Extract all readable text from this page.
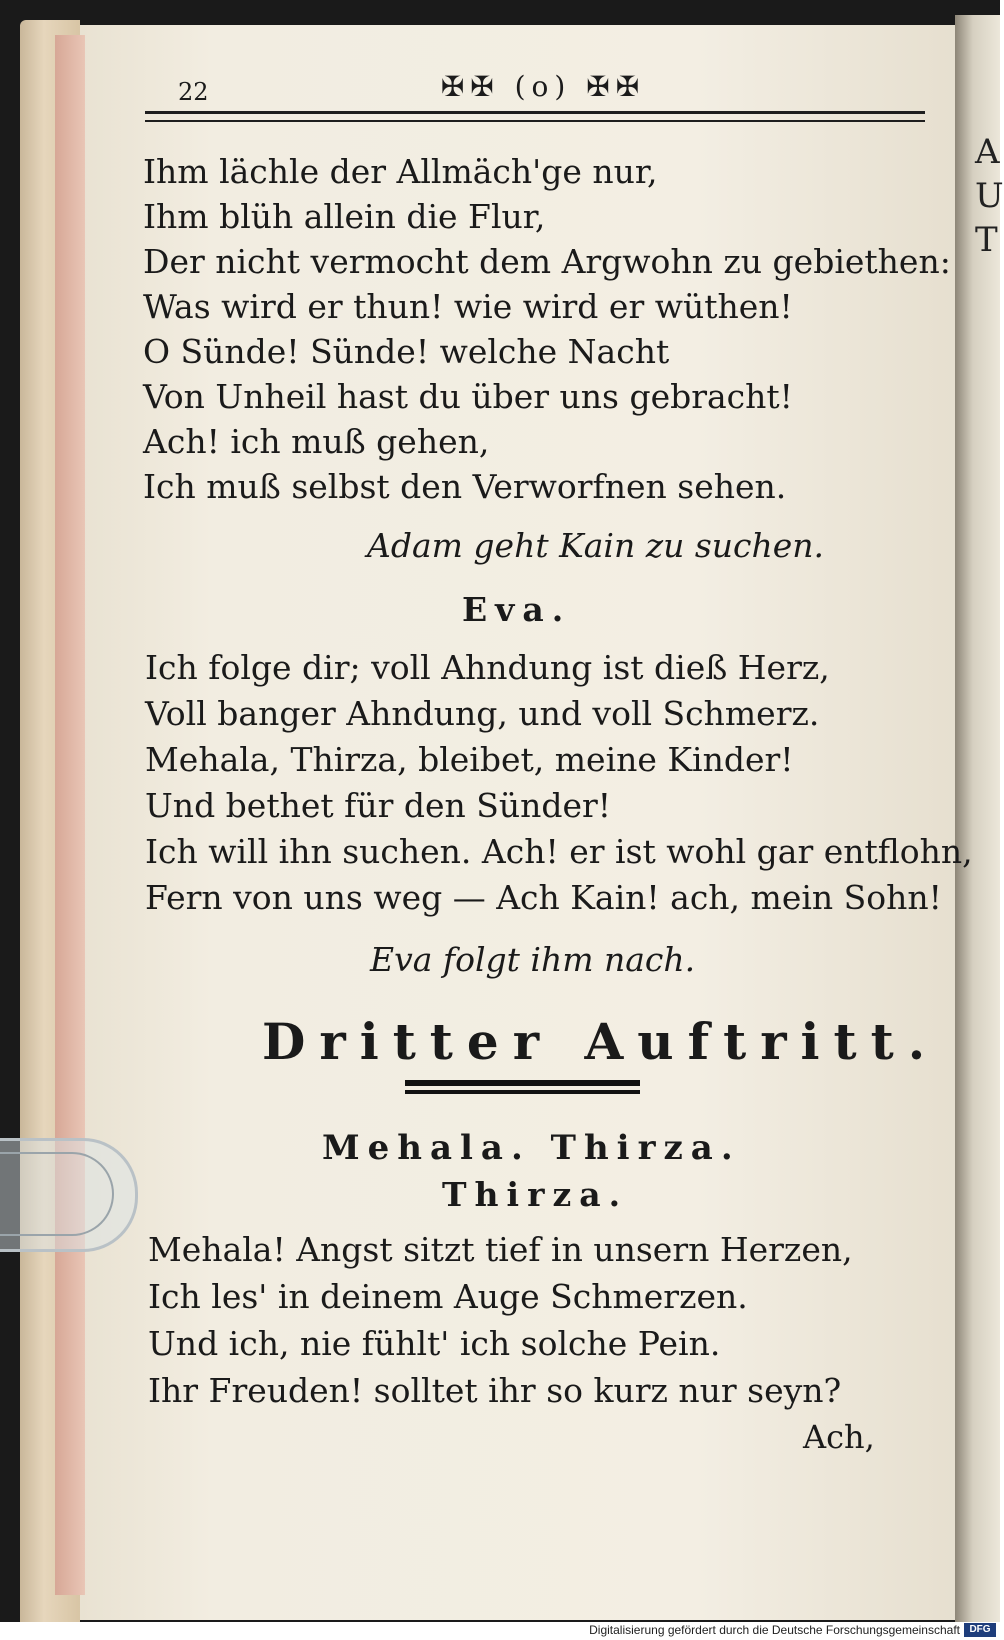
A
U
T
22	✠✠ (o) ✠✠
Ihm lächle der Allmäch'ge nur,
Ihm blüh allein die Flur,
Der nicht vermocht dem Argwohn zu gebiethen:
Was wird er thun! wie wird er wüthen!
O Sünde! Sünde! welche Nacht
Von Unheil hast du über uns gebracht!
Ach! ich muß gehen,
Ich muß selbst den Verworfnen sehen.
Adam geht Kain zu suchen.
Eva.
Ich folge dir; voll Ahndung ist dieß Herz,
Voll banger Ahndung, und voll Schmerz.
Mehala, Thirza, bleibet, meine Kinder!
Und bethet für den Sünder!
Ich will ihn suchen. Ach! er ist wohl gar entflohn,
Fern von uns weg — Ach Kain! ach, mein Sohn!
Eva folgt ihm nach.
Dritter Auftritt.
Mehala. Thirza.
Thirza.
Mehala! Angst sitzt tief in unsern Herzen,
Ich les' in deinem Auge Schmerzen.
Und ich, nie fühlt' ich solche Pein.
Ihr Freuden! solltet ihr so kurz nur seyn?
Ach,
Digitalisierung gefördert durch die Deutsche Forschungsgemeinschaft DFG
